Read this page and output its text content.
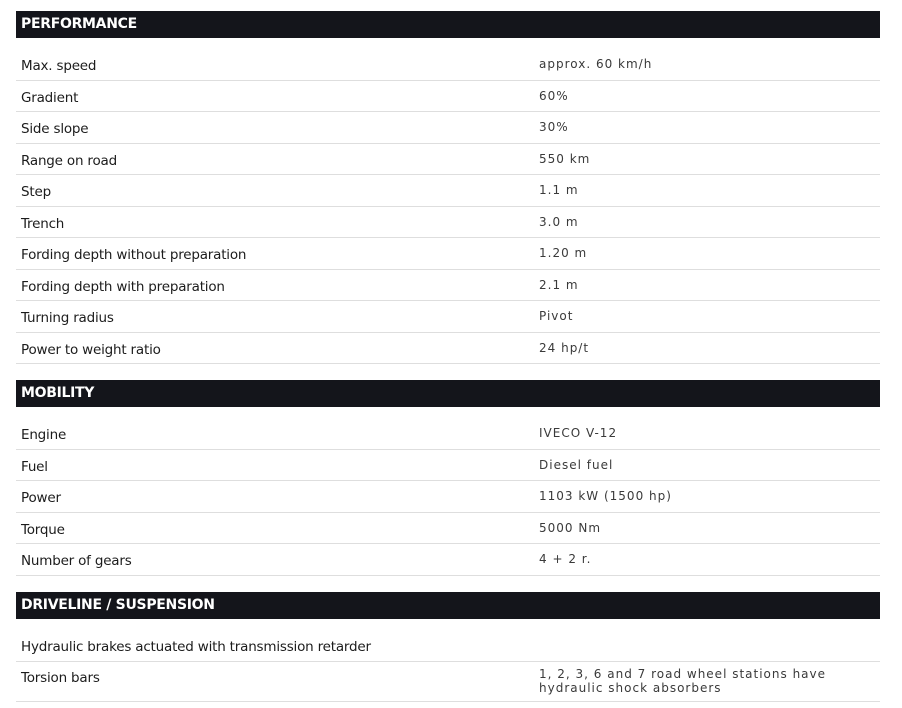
PERFORMANCE
Max. speed	approx. 60 km/h
Gradient	60%
Side slope	30%
Range on road	550 km
Step	1.1 m
Trench	3.0 m
Fording depth without preparation	1.20 m
Fording depth with preparation	2.1 m
Turning radius	Pivot
Power to weight ratio	24 hp/t
MOBILITY
Engine	IVECO V-12
Fuel	Diesel fuel
Power	1103 kW (1500 hp)
Torque	5000 Nm
Number of gears	4 + 2 r.
DRIVELINE / SUSPENSION
Hydraulic brakes actuated with transmission retarder
Torsion bars	1, 2, 3, 6 and 7 road wheel stations have hydraulic shock absorbers
